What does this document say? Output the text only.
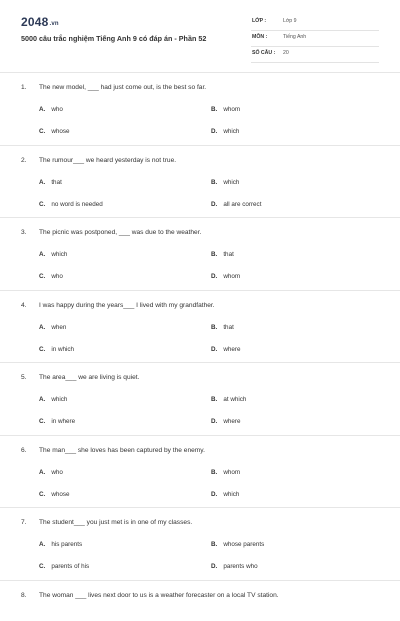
2048.vn
5000 câu trắc nghiệm Tiếng Anh 9 có đáp án - Phần 52
LỚP :	Lớp 9
MÔN :	Tiếng Anh
SỐ CÂU : 20
1. The new model, ___ had just come out, is the best so far.
A. who	B. whom
C. whose	D. which
2. The rumour___ we heard yesterday is not true.
A. that	B. which
C. no word is needed	D. all are correct
3. The picnic was postponed, ___ was due to the weather.
A. which	B. that
C. who	D. whom
4. I was happy during the years___ I lived with my grandfather.
A. when	B. that
C. in which	D. where
5. The area___ we are living is quiet.
A. which	B. at which
C. in where	D. where
6. The man___ she loves has been captured by the enemy.
A. who	B. whom
C. whose	D. which
7. The student___ you just met is in one of my classes.
A. his parents	B. whose parents
C. parents of his	D. parents who
8. The woman ___ lives next door to us is a weather forecaster on a local TV station.
